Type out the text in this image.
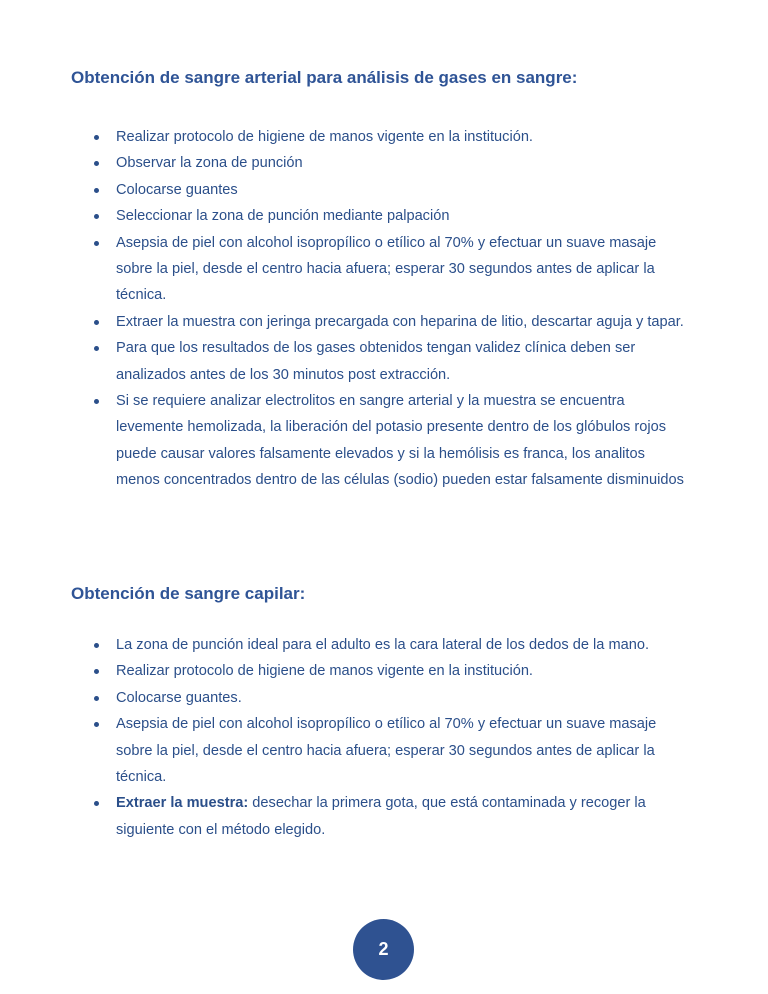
Obtención de sangre arterial para análisis de gases en sangre:
Realizar protocolo de higiene de manos vigente en la institución.
Observar la zona de punción
Colocarse guantes
Seleccionar la zona de punción mediante palpación
Asepsia de piel con alcohol isopropílico o etílico al 70% y efectuar un suave masaje sobre la piel, desde el centro hacia afuera; esperar 30 segundos antes de aplicar la técnica.
Extraer la muestra con jeringa precargada con heparina de litio, descartar aguja y tapar.
Para que los resultados de los gases obtenidos tengan validez clínica deben ser analizados antes de los 30 minutos post extracción.
Si se requiere analizar electrolitos en sangre arterial y la muestra se encuentra levemente hemolizada, la liberación del potasio presente dentro de los glóbulos rojos puede causar valores falsamente elevados y si la hemólisis es franca, los analitos menos concentrados dentro de las células (sodio) pueden estar falsamente disminuidos
Obtención de sangre capilar:
La zona de punción ideal para el adulto es la cara lateral de los dedos de la mano.
Realizar protocolo de higiene de manos vigente en la institución.
Colocarse guantes.
Asepsia de piel con alcohol isopropílico o etílico al 70% y efectuar un suave masaje sobre la piel, desde el centro hacia afuera; esperar 30 segundos antes de aplicar la técnica.
Extraer la muestra: desechar la primera gota, que está contaminada y recoger la siguiente con el método elegido.
2
